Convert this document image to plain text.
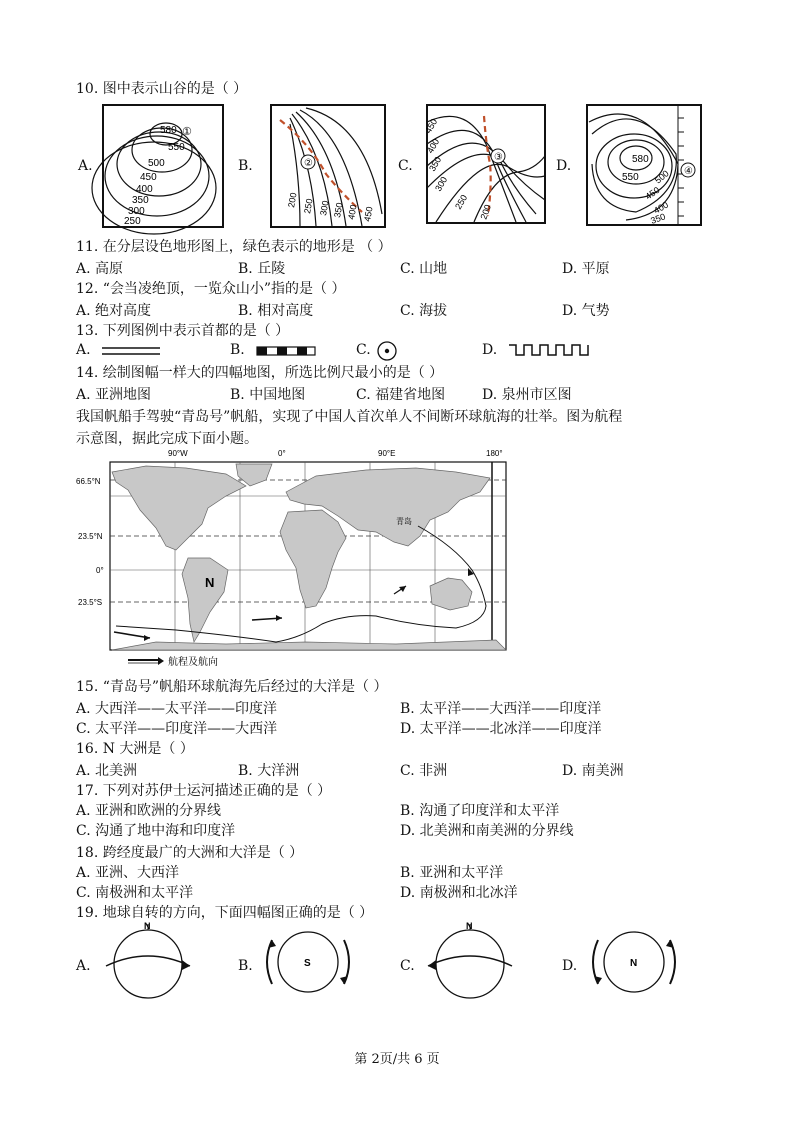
10. 图中表示山谷的是（ ）
A.	B.	C.	D.
580 ①
550
500
450
400
350
300
250
②
200 250 300 350 400 450
③
450
400
350
300
250
200
580
550 500
450
400
350
④
11. 在分层设色地形图上，绿色表示的地形是 （ ）
A. 高原	B. 丘陵	C. 山地	D. 平原
12. “会当凌绝顶，一览众山小”指的是（ ）
A. 绝对高度	B. 相对高度	C. 海拔	D. 气势
13. 下列图例中表示首都的是（ ）
A.	B.	C.	D.
14. 绘制图幅一样大的四幅地图，所选比例尺最小的是（ ）
A. 亚洲地图	B. 中国地图	C. 福建省地图	D. 泉州市区图
我国帆船手驾驶“青岛号”帆船，实现了中国人首次单人不间断环球航海的壮举。图为航程
示意图，据此完成下面小题。
90°W	0°	90°E	180°
66.5°N
23.5°N
0°
23.5°S
N
青岛
航程及航向
15. “青岛号”帆船环球航海先后经过的大洋是（ ）
A. 大西洋——太平洋——印度洋	B. 太平洋——大西洋——印度洋
C. 太平洋——印度洋——大西洋	D. 太平洋——北冰洋——印度洋
16. N 大洲是（ ）
A. 北美洲	B. 大洋洲	C. 非洲	D. 南美洲
17. 下列对苏伊士运河描述正确的是（ ）
A. 亚洲和欧洲的分界线	B. 沟通了印度洋和太平洋
C. 沟通了地中海和印度洋	D. 北美洲和南美洲的分界线
18. 跨经度最广的大洲和大洋是（ ）
A. 亚洲、大西洋	B. 亚洲和太平洋
C. 南极洲和太平洋	D. 南极洲和北冰洋
19. 地球自转的方向，下面四幅图正确的是（ ）
A.	B.	C.	D.
N
S
N
N
第 2页/共 6 页
